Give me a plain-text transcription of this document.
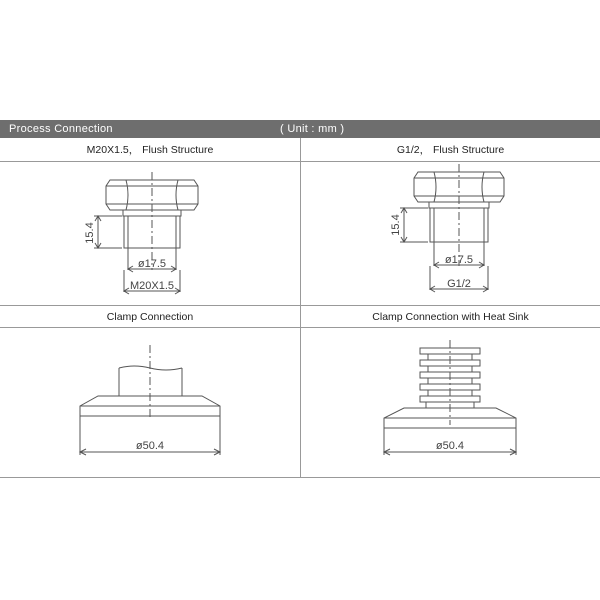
Process Connection	( Unit : mm )
M20X1.5， Flush Structure	G1/2， Flush Structure
Clamp Connection	Clamp Connection with Heat Sink
15.4
ø17.5
M20X1.5
15.4
ø17.5
G1/2
ø50.4	ø50.4
